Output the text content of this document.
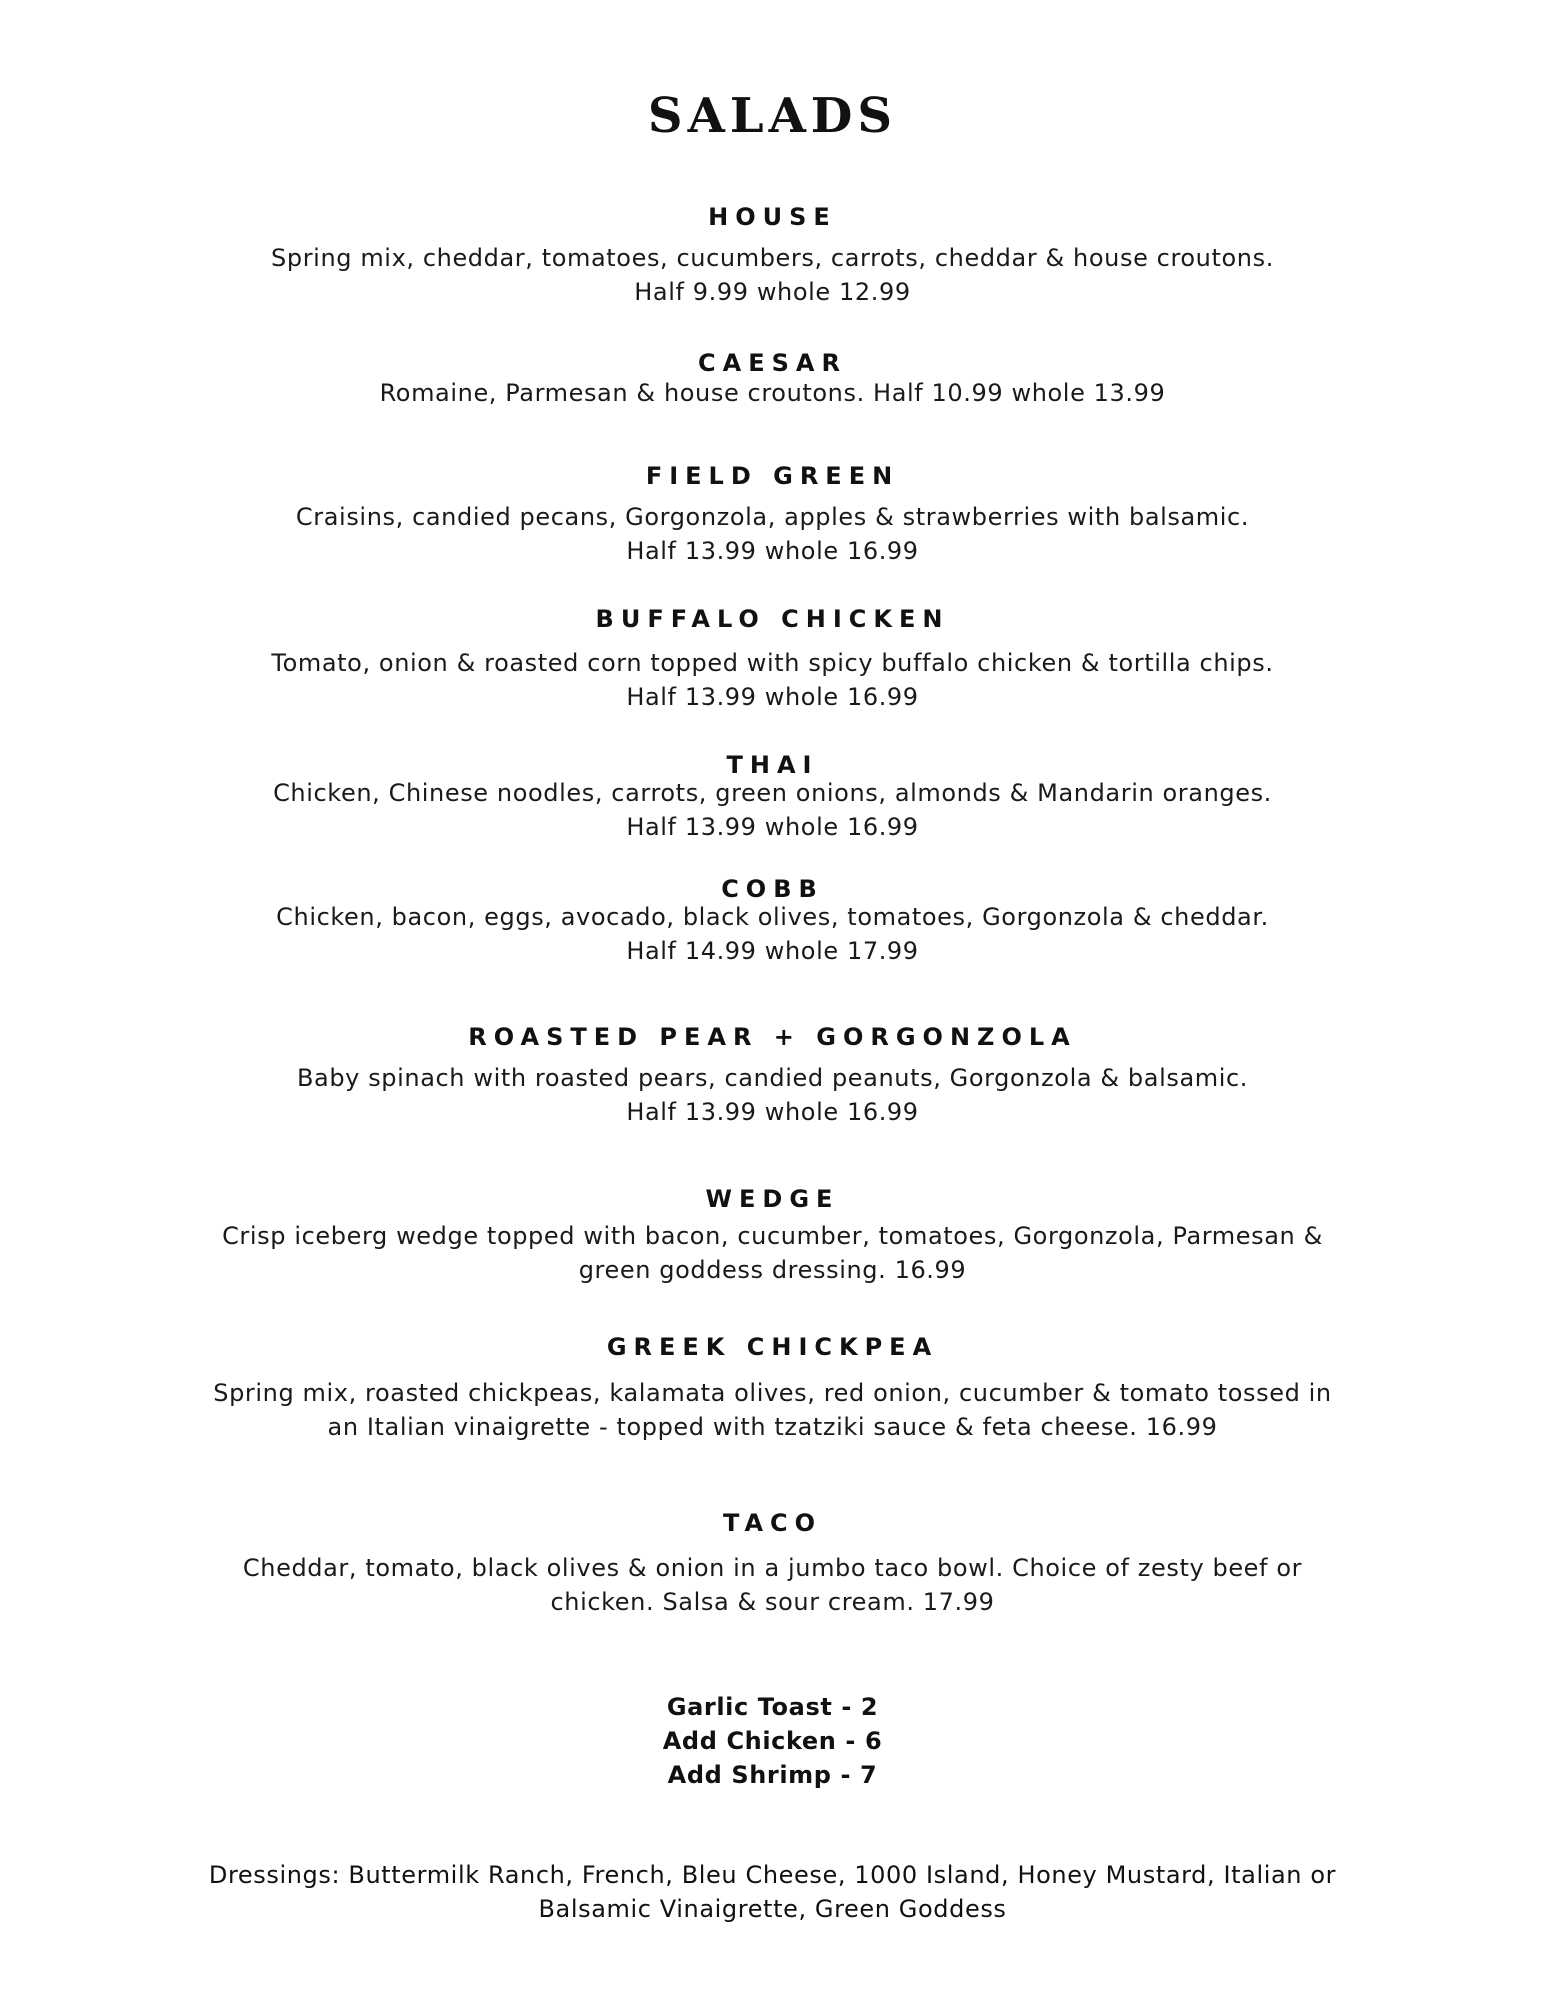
SALADS
HOUSE
Spring mix, cheddar, tomatoes, cucumbers, carrots, cheddar & house croutons.
Half 9.99 whole 12.99
CAESAR
Romaine, Parmesan & house croutons. Half 10.99 whole 13.99
FIELD GREEN
Craisins, candied pecans, Gorgonzola, apples & strawberries with balsamic.
Half 13.99 whole 16.99
BUFFALO CHICKEN
Tomato, onion & roasted corn topped with spicy buffalo chicken & tortilla chips.
Half 13.99 whole 16.99
THAI
Chicken, Chinese noodles, carrots, green onions, almonds & Mandarin oranges.
Half 13.99 whole 16.99
COBB
Chicken, bacon, eggs, avocado, black olives, tomatoes, Gorgonzola & cheddar.
Half 14.99 whole 17.99
ROASTED PEAR + GORGONZOLA
Baby spinach with roasted pears, candied peanuts, Gorgonzola & balsamic.
Half 13.99 whole 16.99
WEDGE
Crisp iceberg wedge topped with bacon, cucumber, tomatoes, Gorgonzola, Parmesan &
green goddess dressing. 16.99
GREEK CHICKPEA
Spring mix, roasted chickpeas, kalamata olives, red onion, cucumber & tomato tossed in
an Italian vinaigrette - topped with tzatziki sauce & feta cheese. 16.99
TACO
Cheddar, tomato, black olives & onion in a jumbo taco bowl. Choice of zesty beef or
chicken. Salsa & sour cream. 17.99
Garlic Toast - 2
Add Chicken - 6
Add Shrimp - 7
Dressings: Buttermilk Ranch, French, Bleu Cheese, 1000 Island, Honey Mustard, Italian or
Balsamic Vinaigrette, Green Goddess
